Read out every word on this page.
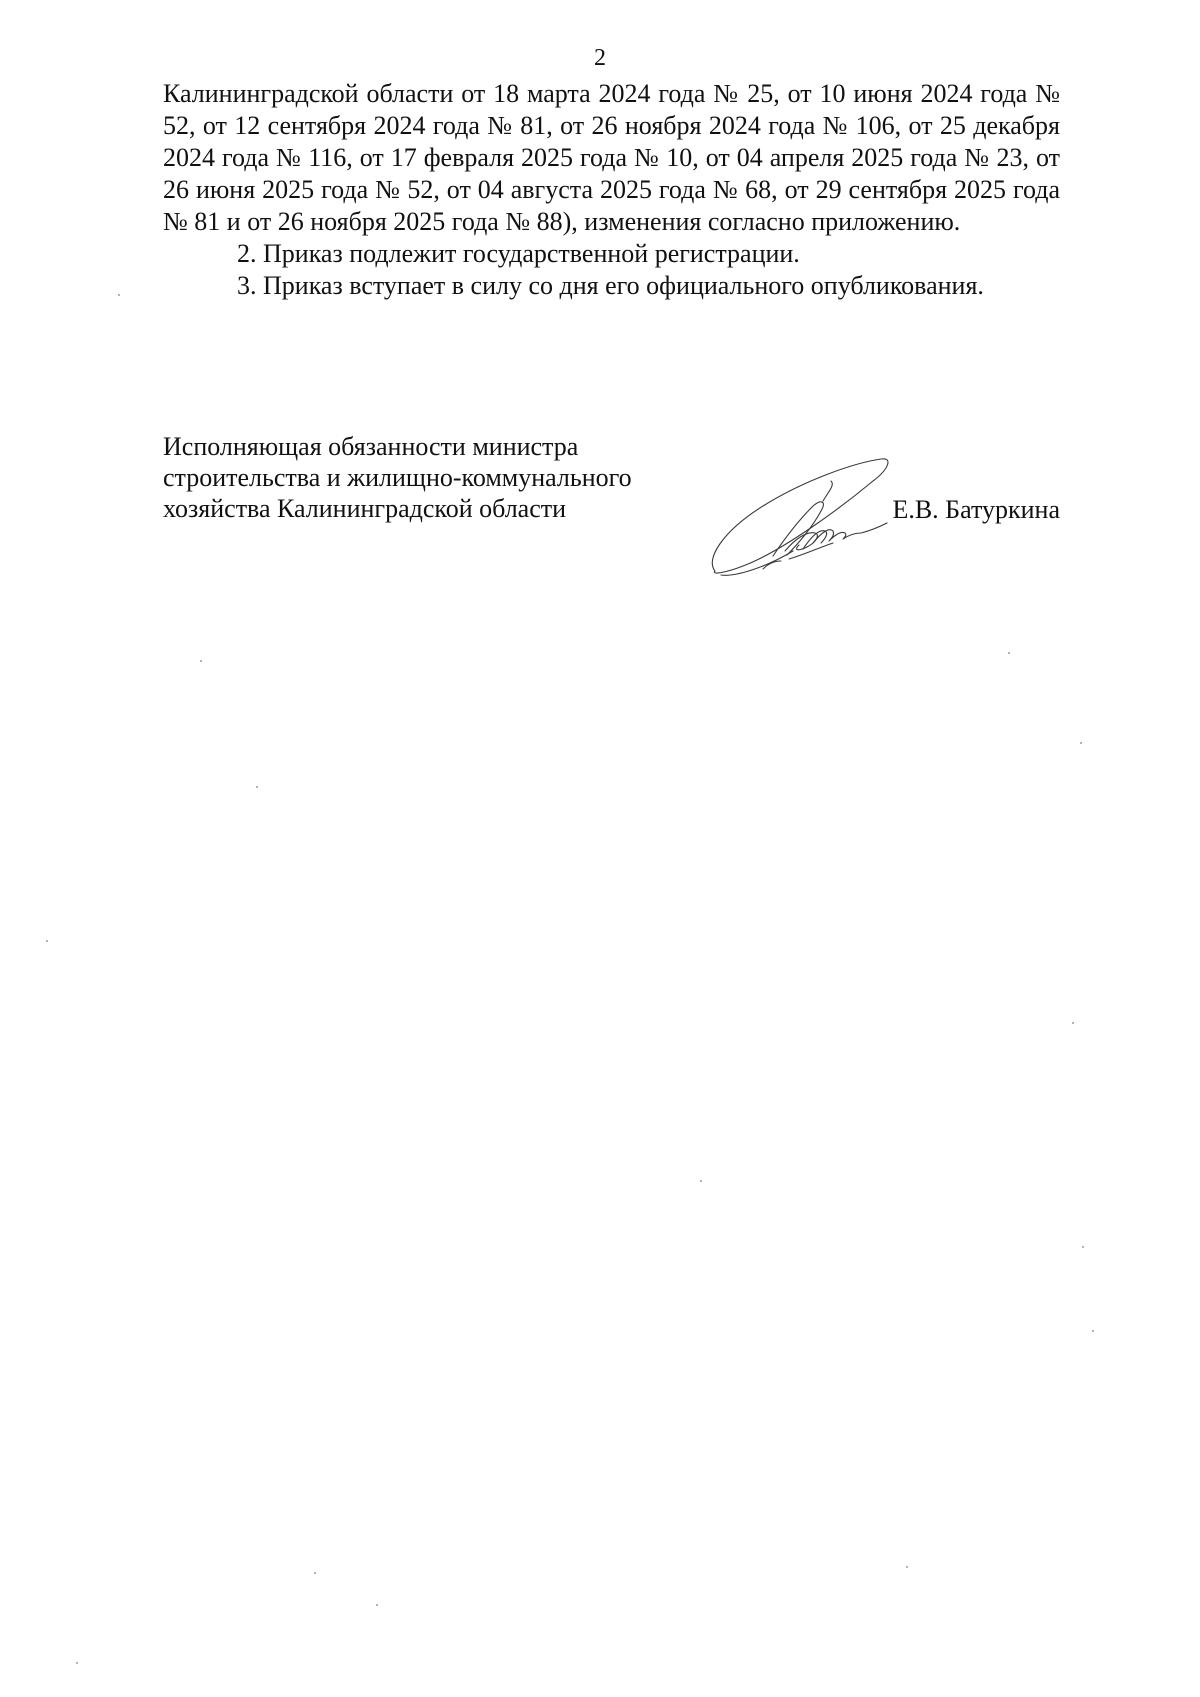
2

Калининградской области от 18 марта 2024 года № 25, от 10 июня 2024 года № 52, от 12 сентября 2024 года № 81, от 26 ноября 2024 года № 106, от 25 декабря 2024 года № 116, от 17 февраля 2025 года № 10, от 04 апреля 2025 года № 23, от 26 июня 2025 года № 52, от 04 августа 2025 года № 68, от 29 сентября 2025 года № 81 и от 26 ноября 2025 года № 88), изменения согласно приложению.

2. Приказ подлежит государственной регистрации.

3. Приказ вступает в силу со дня его официального опубликования.

Исполняющая обязанности министра
строительства и жилищно-коммунального
хозяйства Калининградской области	Е.В. Батуркина
